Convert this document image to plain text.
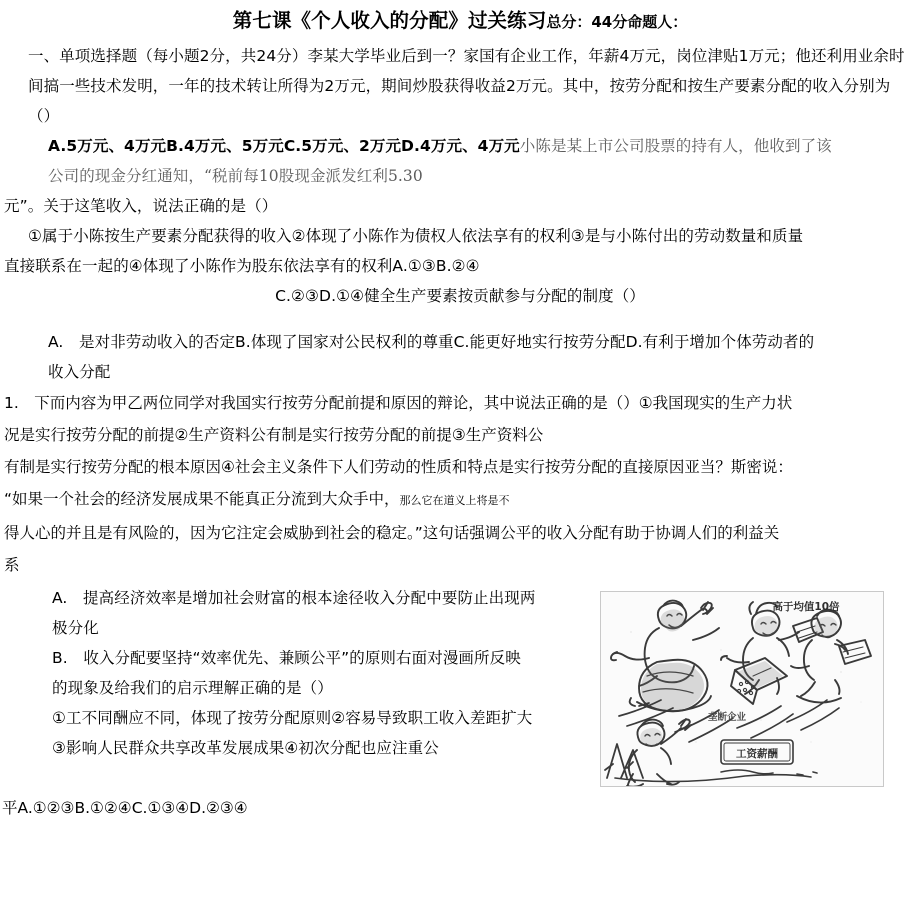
第七课《个人收入的分配》过关练习总分：44分命题人：
一、单项选择题（每小题2分，共24分）李某大学毕业后到一？家国有企业工作，年薪4万元，岗位津贴1万元；他还利用业余时间搞一些技术发明，一年的技术转让所得为2万元，期间炒股获得收益2万元。其中，按劳分配和按生产要素分配的收入分别为（）
A.5万元、4万元B.4万元、5万元C.5万元、2万元D.4万元、4万元小陈是某上市公司股票的持有人，他收到了该
公司的现金分红通知，“税前每10股现金派发红利5.30
元”。关于这笔收入，说法正确的是（）
①属于小陈按生产要素分配获得的收入②体现了小陈作为债权人依法享有的权利③是与小陈付出的劳动数量和质量
直接联系在一起的④体现了小陈作为股东依法享有的权利A.①③B.②④
C.②③D.①④健全生产要素按贡献参与分配的制度（）
A.　是对非劳动收入的否定B.体现了国家对公民权利的尊重C.能更好地实行按劳分配D.有利于增加个体劳动者的
收入分配
1.　下而内容为甲乙两位同学对我国实行按劳分配前提和原因的辩论，其中说法正确的是（）①我国现实的生产力状
况是实行按劳分配的前提②生产资料公有制是实行按劳分配的前提③生产资料公
有制是实行按劳分配的根本原因④社会主义条件下人们劳动的性质和特点是实行按劳分配的直接原因亚当？斯密说：
“如果一个社会的经济发展成果不能真正分流到大众手中，那么它在道义上将是不
得人心的并且是有风险的，因为它注定会威胁到社会的稳定。”这句话强调公平的收入分配有助于协调人们的利益关
系
A.　提高经济效率是增加社会财富的根本途径收入分配中要防止出现两
极分化
B.　收入分配要坚持“效率优先、兼顾公平”的原则右面对漫画所反映
的现象及给我们的启示理解正确的是（）
①工不同酬应不同，体现了按劳分配原则②容易导致职工收入差距扩大
③影响人民群众共享改革发展成果④初次分配也应注重公
高于均值10倍
垄断企业
工资薪酬
平A.①②③B.①②④C.①③④D.②③④
